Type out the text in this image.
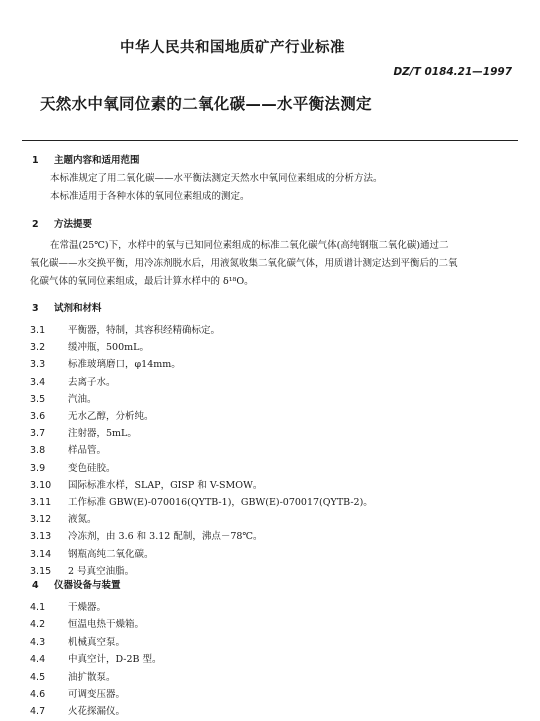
中华人民共和国地质矿产行业标准
DZ/T 0184.21—1997
天然水中氧同位素的二氧化碳——水平衡法测定
1 主题内容和适用范围
本标准规定了用二氧化碳——水平衡法测定天然水中氧同位素组成的分析方法。
本标准适用于各种水体的氧同位素组成的测定。
2 方法提要
在常温(25℃)下，水样中的氧与已知同位素组成的标准二氧化碳气体(高纯钢瓶二氧化碳)通过二
氧化碳——水交换平衡，用冷冻剂脱水后，用液氮收集二氧化碳气体，用质谱计测定达到平衡后的二氧
化碳气体的氧同位素组成，最后计算水样中的 δ¹⁸O。
3 试剂和材料
3.1 平衡器，特制，其容积经精确标定。
3.2 缓冲瓶，500mL。
3.3 标准玻璃磨口，φ14mm。
3.4 去离子水。
3.5 汽油。
3.6 无水乙醇，分析纯。
3.7 注射器，5mL。
3.8 样品管。
3.9 变色硅胶。
3.10 国际标准水样，SLAP，GISP 和 V-SMOW。
3.11 工作标准 GBW(E)-070016(QYTB-1)，GBW(E)-070017(QYTB-2)。
3.12 液氮。
3.13 冷冻剂，由 3.6 和 3.12 配制，沸点－78℃。
3.14 钢瓶高纯二氧化碳。
3.15 2 号真空油脂。
4 仪器设备与装置
4.1 干燥器。
4.2 恒温电热干燥箱。
4.3 机械真空泵。
4.4 中真空计，D-2B 型。
4.5 油扩散泵。
4.6 可调变压器。
4.7 火花探漏仪。
